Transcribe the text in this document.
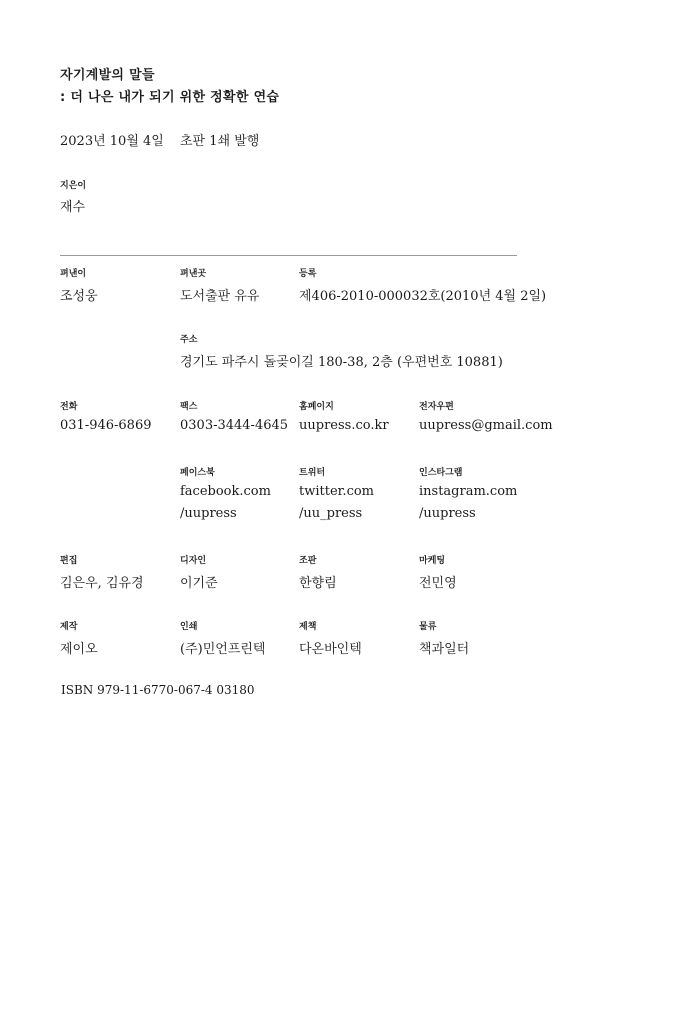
자기계발의 말들
: 더 나은 내가 되기 위한 정확한 연습
2023년 10월 4일 초판 1쇄 발행
지은이
재수
펴낸이
조성웅
펴낸곳
도서출판 유유
등록
제406-2010-000032호(2010년 4월 2일)
주소
경기도 파주시 돌곶이길 180-38, 2층 (우편번호 10881)
전화
031-946-6869
팩스
0303-3444-4645
홈페이지
uupress.co.kr
전자우편
uupress@gmail.com
페이스북
facebook.com
/uupress
트위터
twitter.com
/uu_press
인스타그램
instagram.com
/uupress
편집
김은우, 김유경
디자인
이기준
조판
한향림
마케팅
전민영
제작
제이오
인쇄
(주)민언프린텍
제책
다온바인텍
물류
책과일터
ISBN 979-11-6770-067-4 03180
